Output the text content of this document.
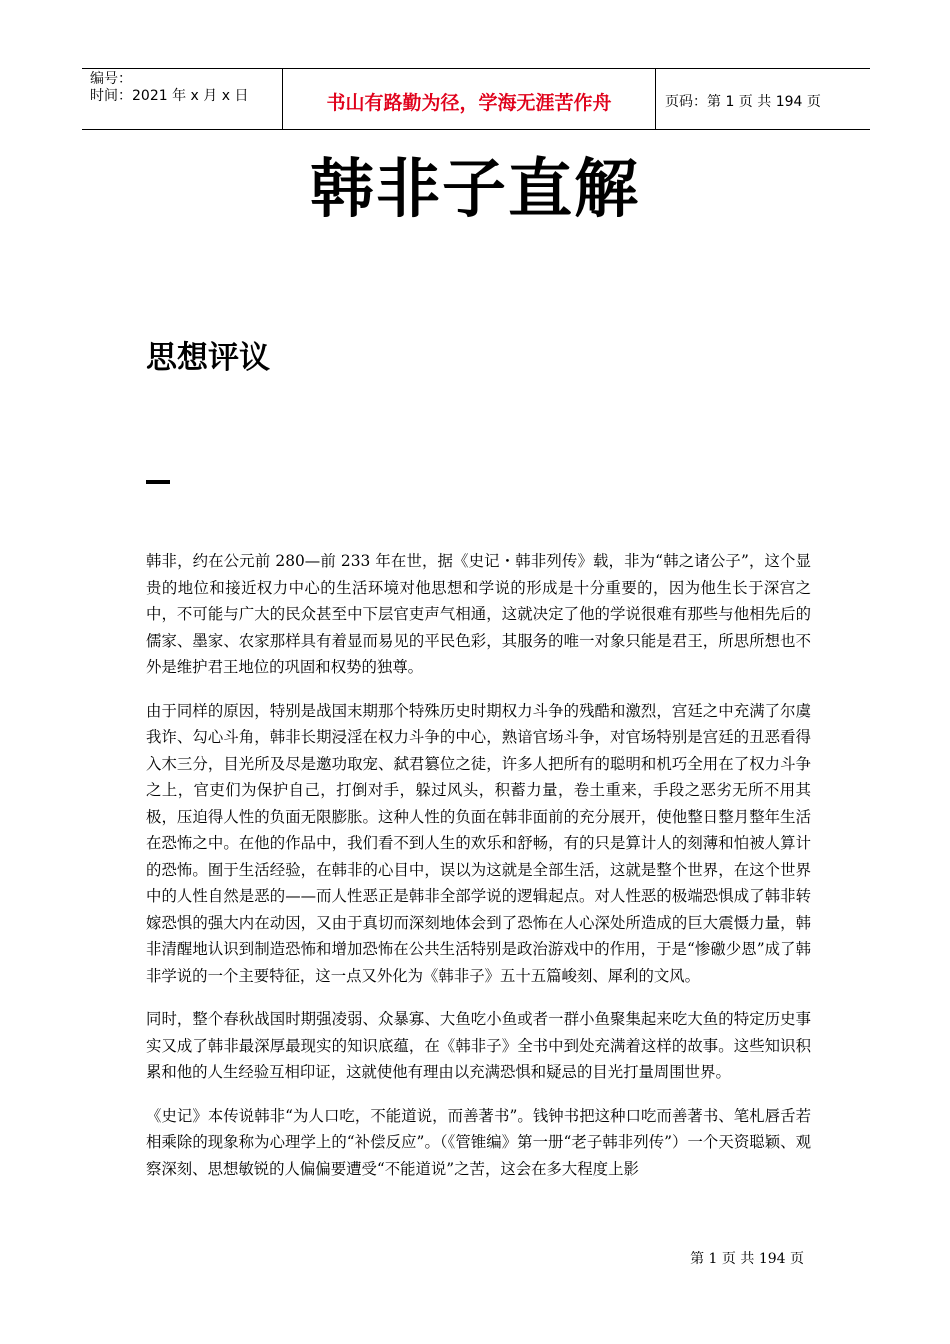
编号：
时间：2021 年 x 月 x 日	书山有路勤为径，学海无涯苦作舟	页码：第 1 页 共 194 页
韩非子直解
思想评议

韩非，约在公元前 280—前 233 年在世，据《史记・韩非列传》载，非为“韩之诸公子”，这个显贵的地位和接近权力中心的生活环境对他思想和学说的形成是十分重要的，因为他生长于深宫之中，不可能与广大的民众甚至中下层官吏声气相通，这就决定了他的学说很难有那些与他相先后的儒家、墨家、农家那样具有着显而易见的平民色彩，其服务的唯一对象只能是君王，所思所想也不外是维护君王地位的巩固和权势的独尊。

由于同样的原因，特别是战国末期那个特殊历史时期权力斗争的残酷和激烈，宫廷之中充满了尔虞我诈、勾心斗角，韩非长期浸淫在权力斗争的中心，熟谙官场斗争，对官场特别是宫廷的丑恶看得入木三分，目光所及尽是邀功取宠、弑君篡位之徒，许多人把所有的聪明和机巧全用在了权力斗争之上，官吏们为保护自己，打倒对手，躲过风头，积蓄力量，卷土重来，手段之恶劣无所不用其极，压迫得人性的负面无限膨胀。这种人性的负面在韩非面前的充分展开，使他整日整月整年生活在恐怖之中。在他的作品中，我们看不到人生的欢乐和舒畅，有的只是算计人的刻薄和怕被人算计的恐怖。囿于生活经验，在韩非的心目中，误以为这就是全部生活，这就是整个世界，在这个世界中的人性自然是恶的——而人性恶正是韩非全部学说的逻辑起点。对人性恶的极端恐惧成了韩非转嫁恐惧的强大内在动因，又由于真切而深刻地体会到了恐怖在人心深处所造成的巨大震慑力量，韩非清醒地认识到制造恐怖和增加恐怖在公共生活特别是政治游戏中的作用，于是“惨礉少恩”成了韩非学说的一个主要特征，这一点又外化为《韩非子》五十五篇峻刻、犀利的文风。

同时，整个春秋战国时期强凌弱、众暴寡、大鱼吃小鱼或者一群小鱼聚集起来吃大鱼的特定历史事实又成了韩非最深厚最现实的知识底蕴，在《韩非子》全书中到处充满着这样的故事。这些知识积累和他的人生经验互相印证，这就使他有理由以充满恐惧和疑忌的目光打量周围世界。

《史记》本传说韩非“为人口吃，不能道说，而善著书”。钱钟书把这种口吃而善著书、笔札唇舌若相乘除的现象称为心理学上的“补偿反应”。（《管锥编》第一册“老子韩非列传”）一个天资聪颖、观察深刻、思想敏锐的人偏偏要遭受“不能道说”之苦，这会在多大程度上影

第 1 页 共 194 页
